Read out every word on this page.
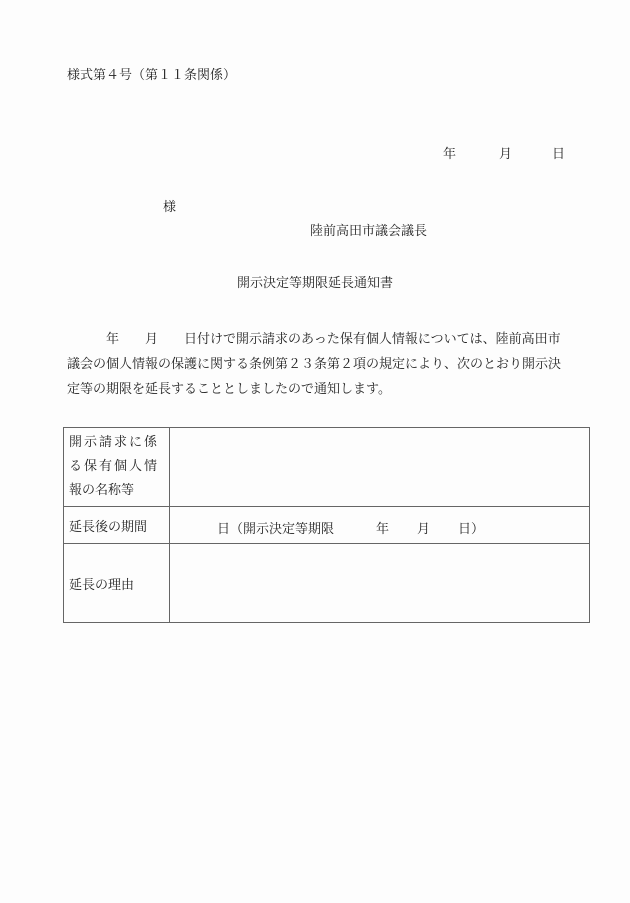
様式第４号（第１１条関係）
年	月	日
様
陸前高田市議会議長
開示決定等期限延長通知書

　　　年　　月　　日付けで開示請求のあった保有個人情報については、陸前高田市

議会の個人情報の保護に関する条例第２３条第２項の規定により、次のとおり開示決

定等の期限を延長することとしましたので通知します。

開示請求に係
る保有個人情
報の名称等	

延長後の期間	日（開示決定等期限 年 月 日）

延長の理由	
